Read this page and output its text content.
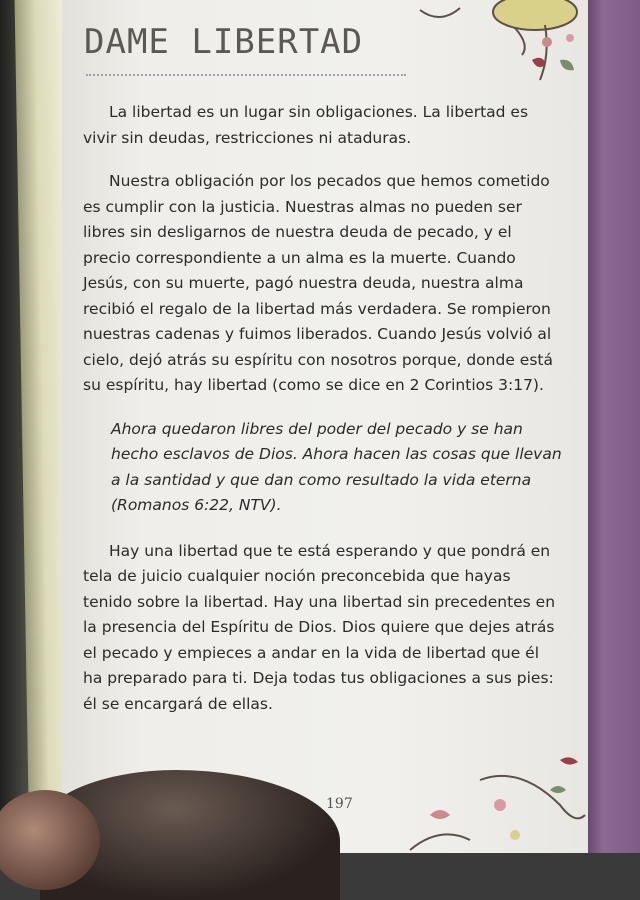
DAME LIBERTAD

La libertad es un lugar sin obligaciones. La libertad es vivir sin deudas, restricciones ni ataduras.

Nuestra obligación por los pecados que hemos cometido es cumplir con la justicia. Nuestras almas no pueden ser libres sin desligarnos de nuestra deuda de pecado, y el precio correspondiente a un alma es la muerte. Cuando Jesús, con su muerte, pagó nuestra deuda, nuestra alma recibió el regalo de la libertad más verdadera. Se rompieron nuestras cadenas y fuimos liberados. Cuando Jesús volvió al cielo, dejó atrás su espíritu con nosotros porque, donde está su espíritu, hay libertad (como se dice en 2 Corintios 3:17).

Ahora quedaron libres del poder del pecado y se han hecho esclavos de Dios. Ahora hacen las cosas que llevan a la santidad y que dan como resultado la vida eterna (Romanos 6:22, NTV).

Hay una libertad que te está esperando y que pondrá en tela de juicio cualquier noción preconcebida que hayas tenido sobre la libertad. Hay una libertad sin precedentes en la presencia del Espíritu de Dios. Dios quiere que dejes atrás el pecado y empieces a andar en la vida de libertad que él ha preparado para ti. Deja todas tus obligaciones a sus pies: él se encargará de ellas.

197
